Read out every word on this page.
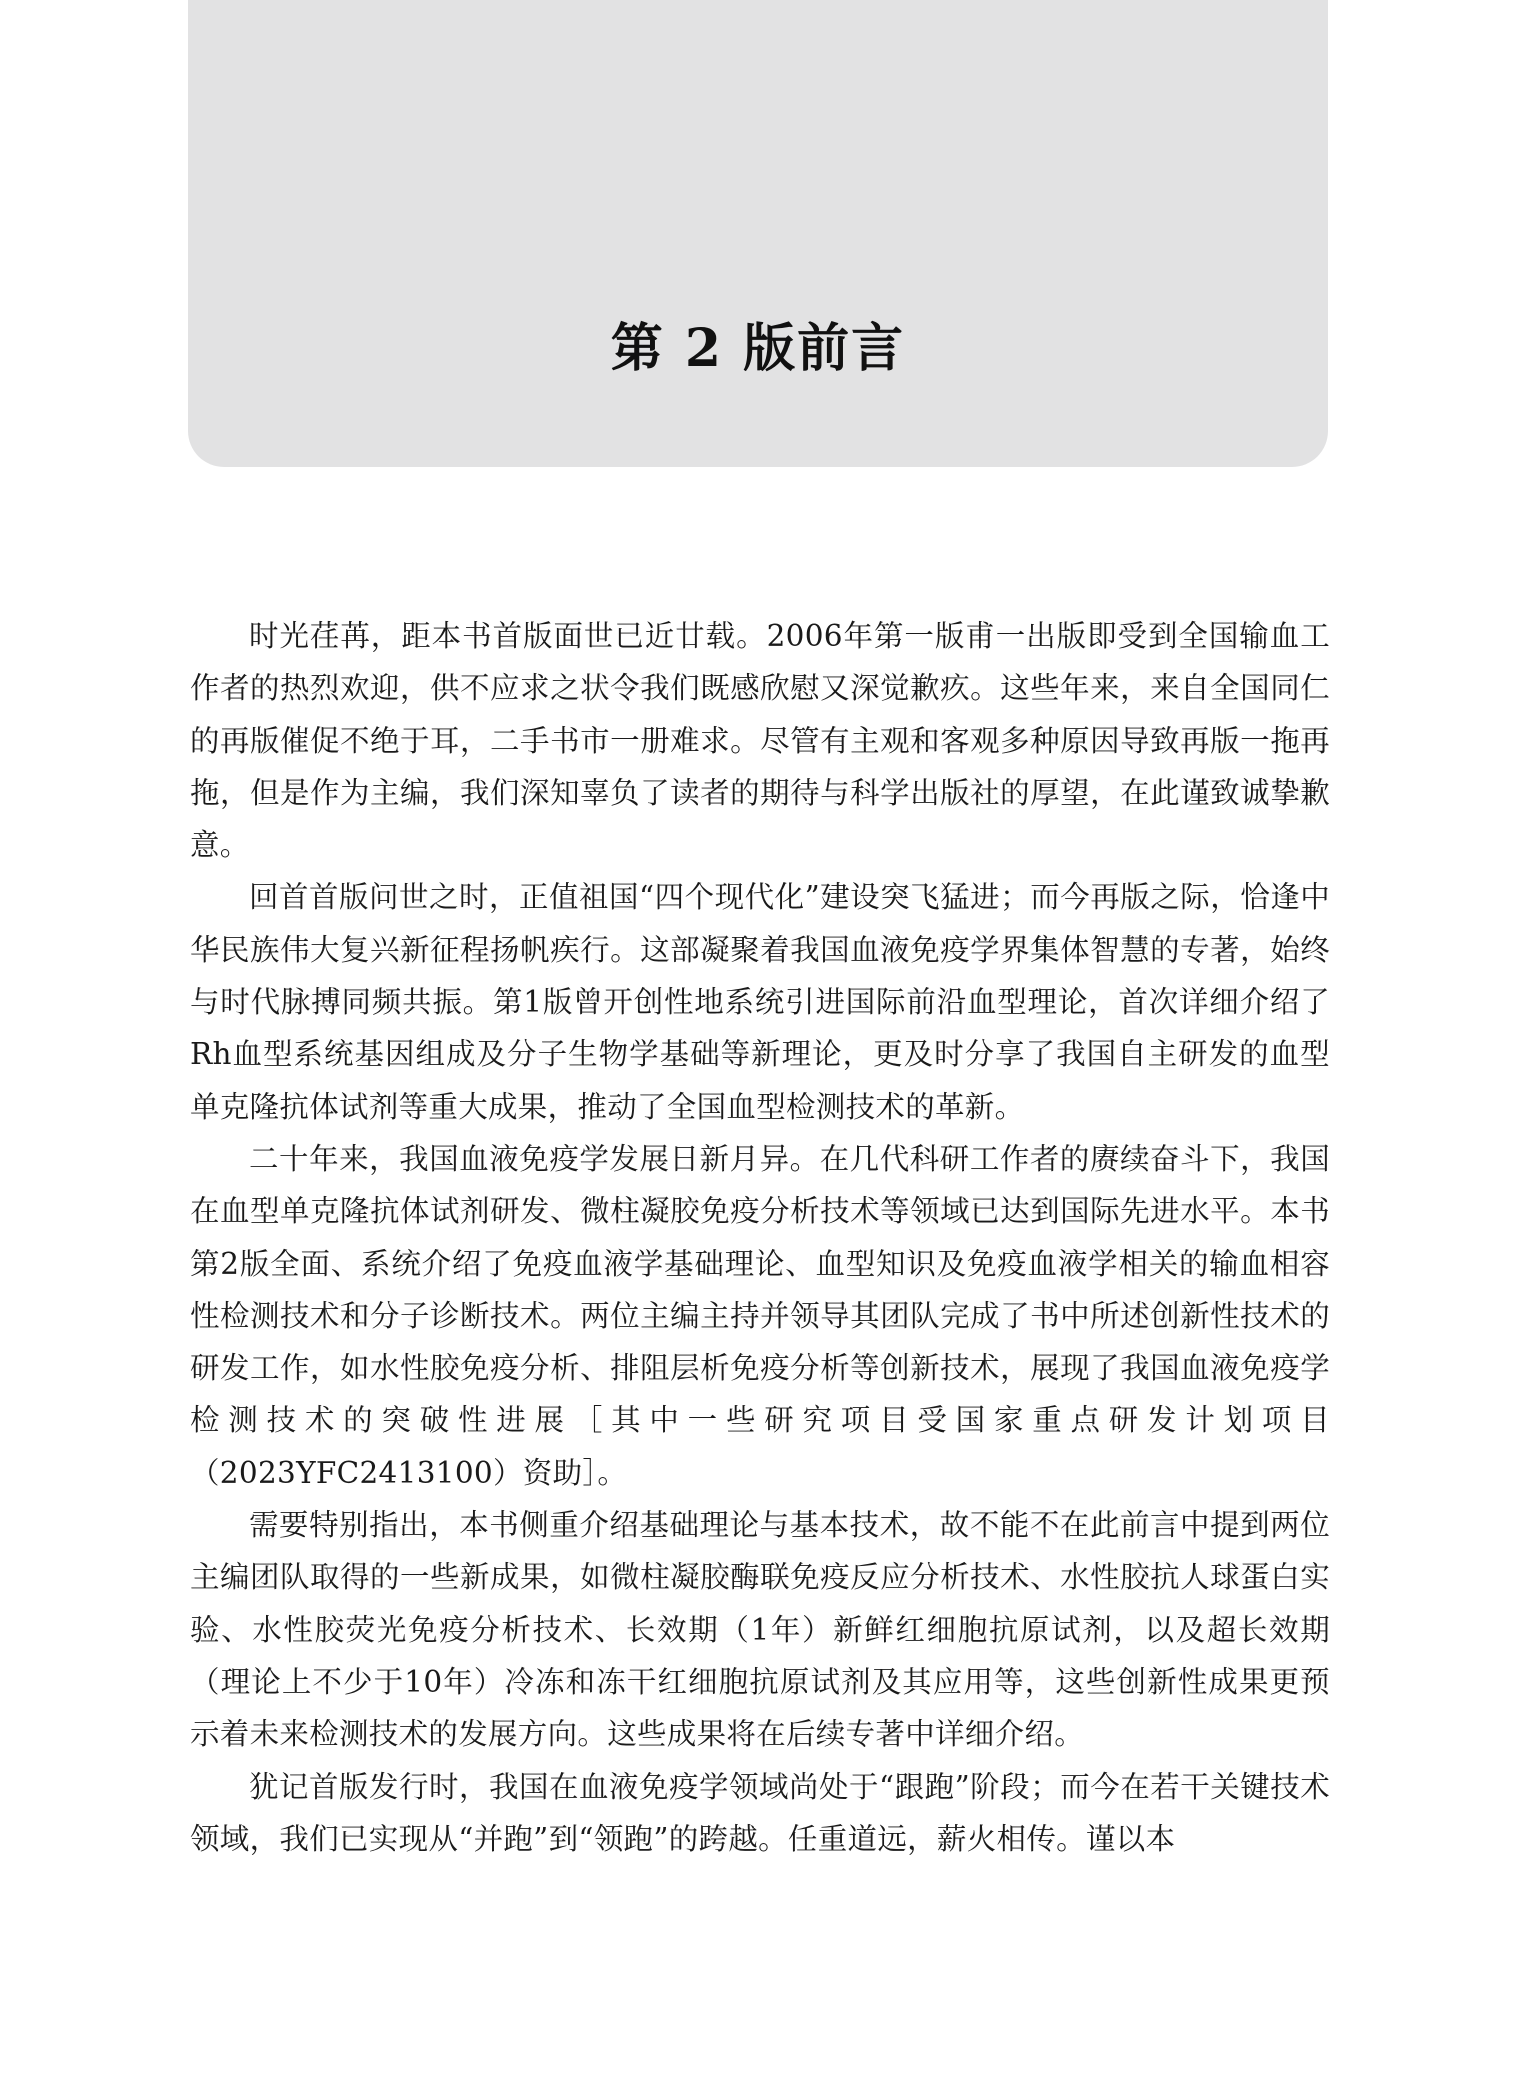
第 2 版前言

时光荏苒，距本书首版面世已近廿载。2006年第一版甫一出版即受到全国输血工作者的热烈欢迎，供不应求之状令我们既感欣慰又深觉歉疚。这些年来，来自全国同仁的再版催促不绝于耳，二手书市一册难求。尽管有主观和客观多种原因导致再版一拖再拖，但是作为主编，我们深知辜负了读者的期待与科学出版社的厚望，在此谨致诚挚歉意。

回首首版问世之时，正值祖国“四个现代化”建设突飞猛进；而今再版之际，恰逢中华民族伟大复兴新征程扬帆疾行。这部凝聚着我国血液免疫学界集体智慧的专著，始终与时代脉搏同频共振。第1版曾开创性地系统引进国际前沿血型理论，首次详细介绍了Rh血型系统基因组成及分子生物学基础等新理论，更及时分享了我国自主研发的血型单克隆抗体试剂等重大成果，推动了全国血型检测技术的革新。

二十年来，我国血液免疫学发展日新月异。在几代科研工作者的赓续奋斗下，我国在血型单克隆抗体试剂研发、微柱凝胶免疫分析技术等领域已达到国际先进水平。本书第2版全面、系统介绍了免疫血液学基础理论、血型知识及免疫血液学相关的输血相容性检测技术和分子诊断技术。两位主编主持并领导其团队完成了书中所述创新性技术的研发工作，如水性胶免疫分析、排阻层析免疫分析等创新技术，展现了我国血液免疫学检测技术的突破性进展［其中一些研究项目受国家重点研发计划项目（2023YFC2413100）资助］。

需要特别指出，本书侧重介绍基础理论与基本技术，故不能不在此前言中提到两位主编团队取得的一些新成果，如微柱凝胶酶联免疫反应分析技术、水性胶抗人球蛋白实验、水性胶荧光免疫分析技术、长效期（1年）新鲜红细胞抗原试剂，以及超长效期（理论上不少于10年）冷冻和冻干红细胞抗原试剂及其应用等，这些创新性成果更预示着未来检测技术的发展方向。这些成果将在后续专著中详细介绍。

犹记首版发行时，我国在血液免疫学领域尚处于“跟跑”阶段；而今在若干关键技术领域，我们已实现从“并跑”到“领跑”的跨越。任重道远，薪火相传。谨以本
